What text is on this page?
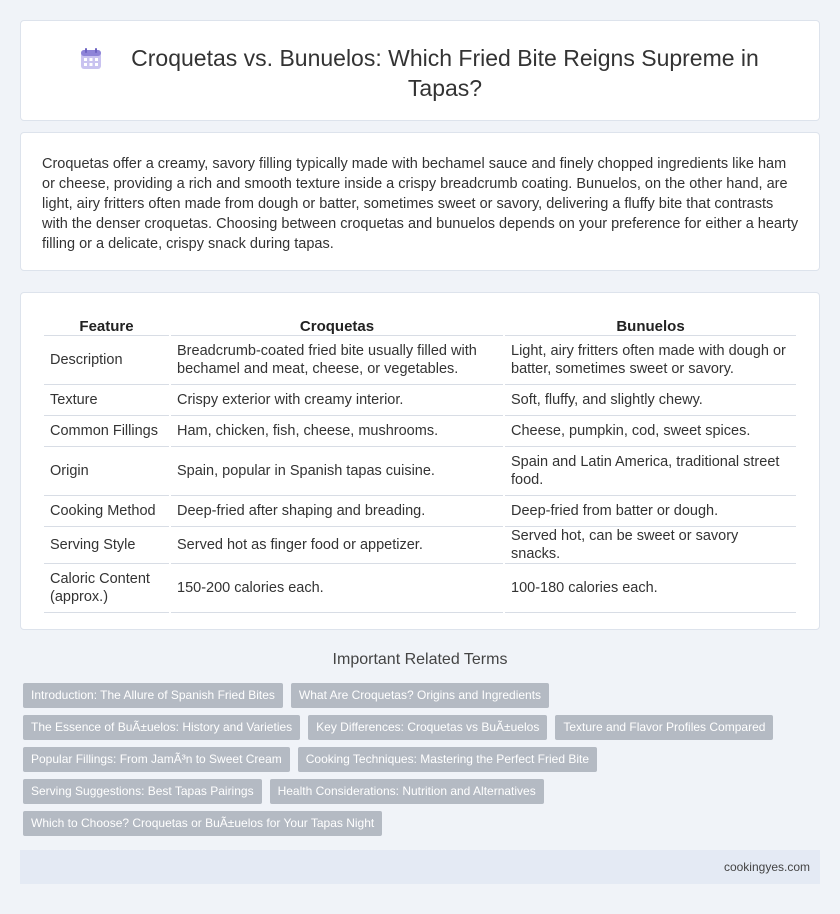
Croquetas vs. Bunuelos: Which Fried Bite Reigns Supreme in Tapas?

Croquetas offer a creamy, savory filling typically made with bechamel sauce and finely chopped ingredients like ham or cheese, providing a rich and smooth texture inside a crispy breadcrumb coating. Bunuelos, on the other hand, are light, airy fritters often made from dough or batter, sometimes sweet or savory, delivering a fluffy bite that contrasts with the denser croquetas. Choosing between croquetas and bunuelos depends on your preference for either a hearty filling or a delicate, crispy snack during tapas.

Feature	Croquetas	Bunuelos
Description	Breadcrumb-coated fried bite usually filled with bechamel and meat, cheese, or vegetables.	Light, airy fritters often made with dough or batter, sometimes sweet or savory.
Texture	Crispy exterior with creamy interior.	Soft, fluffy, and slightly chewy.
Common Fillings	Ham, chicken, fish, cheese, mushrooms.	Cheese, pumpkin, cod, sweet spices.
Origin	Spain, popular in Spanish tapas cuisine.	Spain and Latin America, traditional street food.
Cooking Method	Deep-fried after shaping and breading.	Deep-fried from batter or dough.
Serving Style	Served hot as finger food or appetizer.	Served hot, can be sweet or savory snacks.
Caloric Content (approx.)	150-200 calories each.	100-180 calories each.
Important Related Terms
Introduction: The Allure of Spanish Fried Bites	What Are Croquetas? Origins and Ingredients
The Essence of BuÃ±uelos: History and Varieties	Key Differences: Croquetas vs BuÃ±uelos	Texture and Flavor Profiles Compared
Popular Fillings: From JamÃ³n to Sweet Cream	Cooking Techniques: Mastering the Perfect Fried Bite
Serving Suggestions: Best Tapas Pairings	Health Considerations: Nutrition and Alternatives
Which to Choose? Croquetas or BuÃ±uelos for Your Tapas Night
cookingyes.com
